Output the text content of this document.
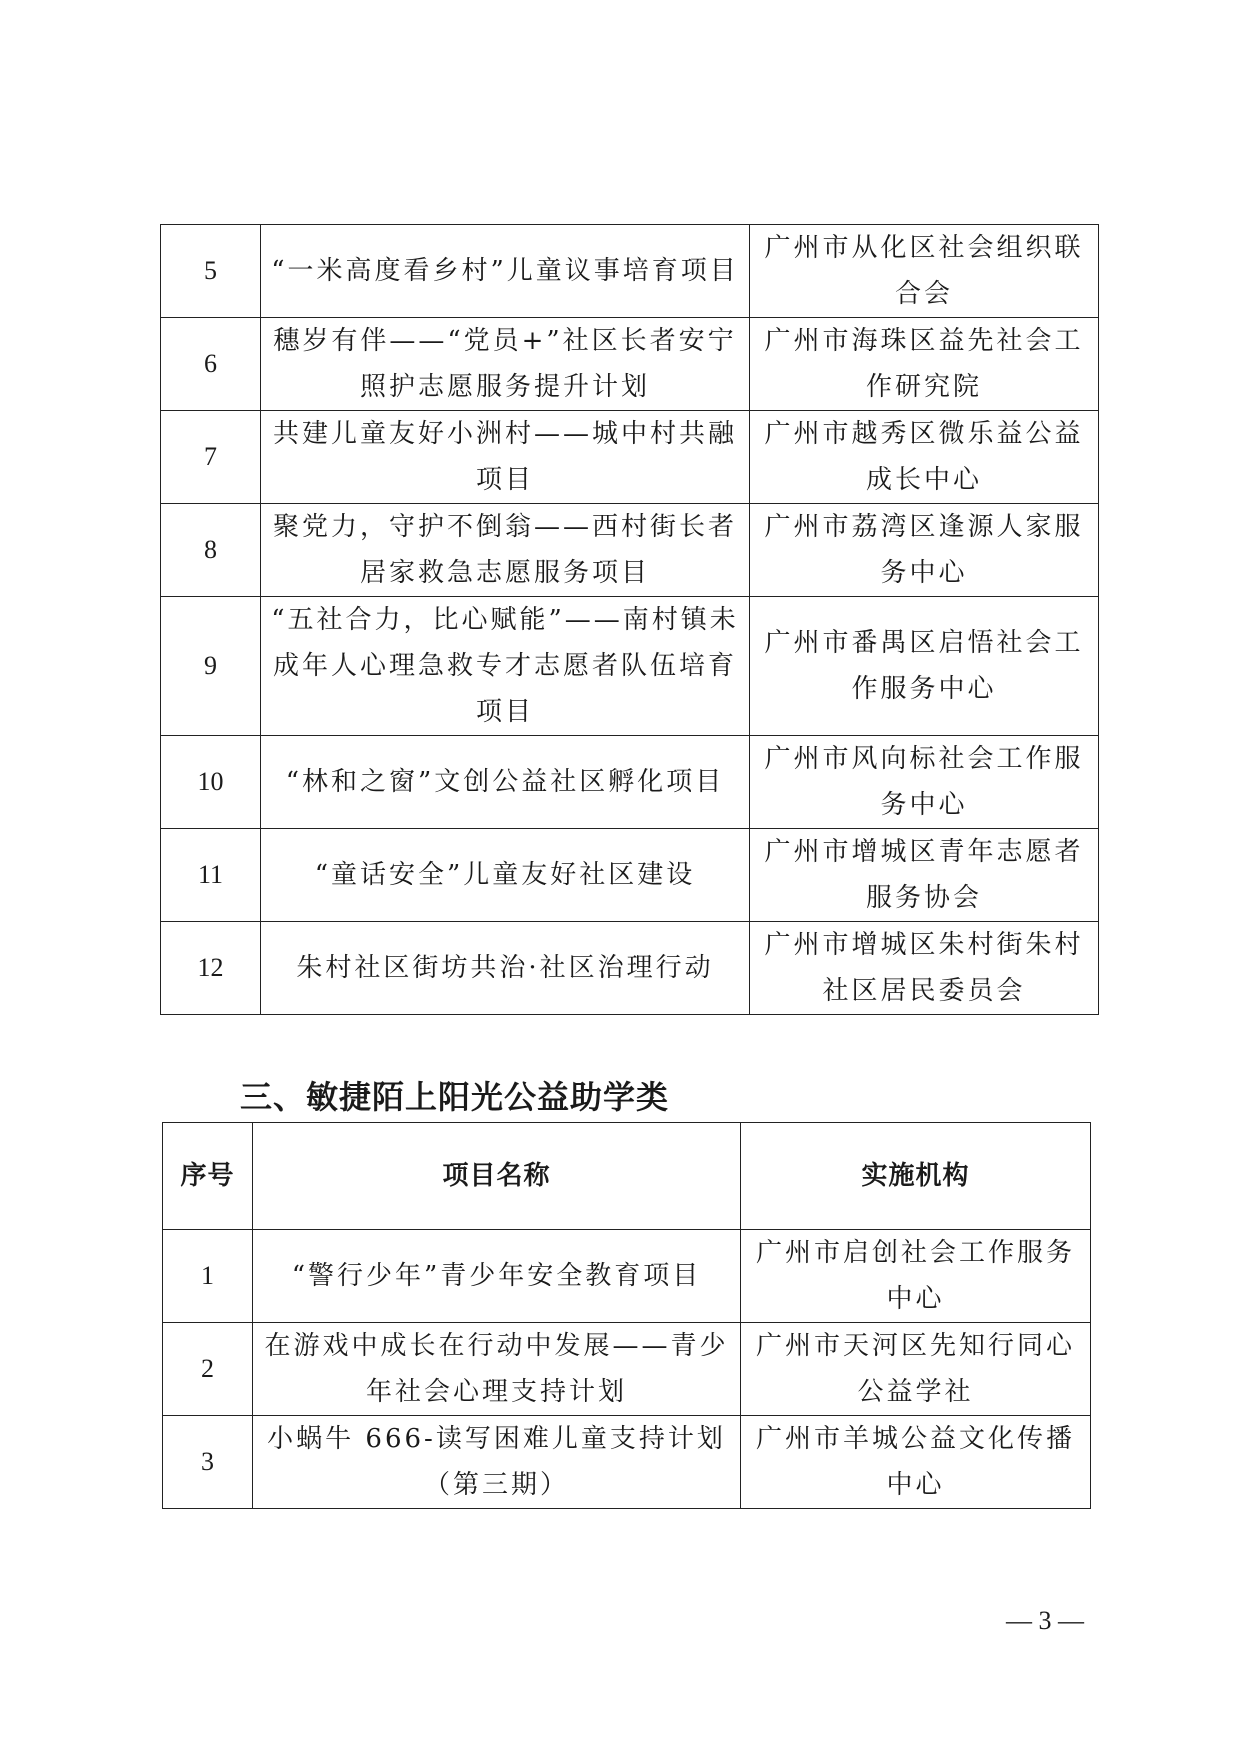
5	“一米高度看乡村”儿童议事培育项目	广州市从化区社会组织联合会
6	穗岁有伴——“党员+”社区长者安宁照护志愿服务提升计划	广州市海珠区益先社会工作研究院
7	共建儿童友好小洲村——城中村共融项目	广州市越秀区微乐益公益成长中心
8	聚党力，守护不倒翁——西村街长者居家救急志愿服务项目	广州市荔湾区逢源人家服务中心
9	“五社合力，比心赋能”——南村镇未成年人心理急救专才志愿者队伍培育项目	广州市番禺区启悟社会工作服务中心
10	“林和之窗”文创公益社区孵化项目	广州市风向标社会工作服务中心
11	“童话安全”儿童友好社区建设	广州市增城区青年志愿者服务协会
12	朱村社区街坊共治·社区治理行动	广州市增城区朱村街朱村社区居民委员会
三、敏捷陌上阳光公益助学类
序号	项目名称	实施机构
1	“警行少年”青少年安全教育项目	广州市启创社会工作服务中心
2	在游戏中成长在行动中发展——青少年社会心理支持计划	广州市天河区先知行同心公益学社
3	小蜗牛 666-读写困难儿童支持计划（第三期）	广州市羊城公益文化传播中心
— 3 —
